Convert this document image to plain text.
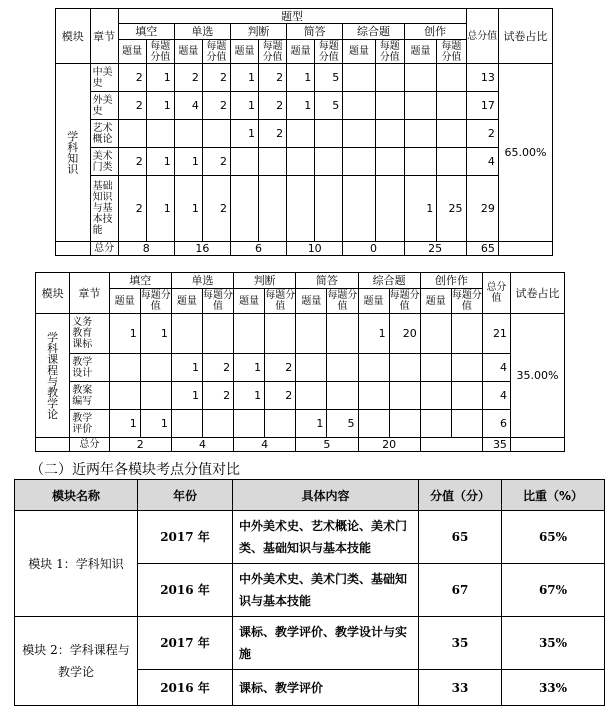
模块	章节	题型												总分值	试卷占比
		填空		单选		判断		简答		综合题		创作			
		题量	每题分值	题量	每题分值	题量	每题分值	题量	每题分值	题量	每题分值	题量	每题分值		
学科知识	中美史	2	1	2	2	1	2	1	5					13	65.00%
	外美史	2	1	4	2	1	2	1	5					17	
	艺术概论					1	2							2	
	美术门类	2	1	1	2									4	
	基础知识与基本技能	2	1	1	2							1	25	29	
	总分	8		16		6		10		0		25		65	
模块	章节	填空		单选		判断		简答		综合题		创作作		总分值	试卷占比
		题量	每题分值	题量	每题分值	题量	每题分值	题量	每题分值	题量	每题分值	题量	每题分值		
学科课程与教学论	义务教育课标	1	1							1	20			21	35.00%
	教学设计			1	2	1	2							4	
	教案编写			1	2	1	2							4	
	教学评价	1	1					1	5					6	
	总分	2		4		4		5		20				35	
（二）近两年各模块考点分值对比
模块名称	年份	具体内容	分值（分）	比重（%）
模块 1：学科知识	2017 年	中外美术史、艺术概论、美术门类、基础知识与基本技能	65	65%
	2016 年	中外美术史、美术门类、基础知识与基本技能	67	67%
模块 2：学科课程与教学论	2017 年	课标、教学评价、教学设计与实施	35	35%
	2016 年	课标、教学评价	33	33%
